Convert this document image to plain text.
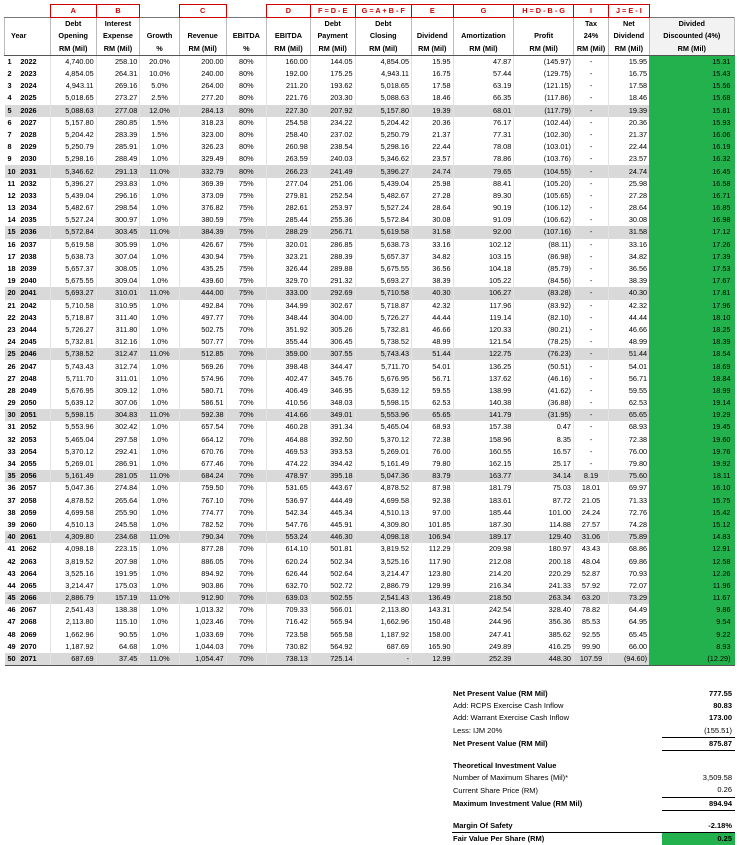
		A	B		C		D	F = D - E	G = A + B - F	E	G	H = D - B - G	I	J = E - I	
Year		Debt	Interest					Debt	Debt				Tax	Net	Divided
		Opening	Expense	Growth	Revenue	EBITDA	EBITDA	Payment	Closing	Dividend	Amortization	Profit	24%	Dividend	Discounted (4%)
		RM (Mil)	RM (Mil)	%	RM (Mil)	%	RM (Mil)	RM (Mil)	RM (Mil)	RM (Mil)	RM (Mil)	RM (Mil)	RM (Mil)	RM (Mil)	RM (Mil)
1	2022	4,740.00	258.10	20.0%	200.00	80%	160.00	144.05	4,854.05	15.95	47.87	(145.97)	-	15.95	15.31
2	2023	4,854.05	264.31	10.0%	240.00	80%	192.00	175.25	4,943.11	16.75	57.44	(129.75)	-	16.75	15.43
3	2024	4,943.11	269.16	5.0%	264.00	80%	211.20	193.62	5,018.65	17.58	63.19	(121.15)	-	17.58	15.56
4	2025	5,018.65	273.27	2.5%	277.20	80%	221.76	203.30	5,088.63	18.46	66.35	(117.86)	-	18.46	15.68
5	2026	5,088.63	277.08	12.0%	284.13	80%	227.30	207.92	5,157.80	19.39	68.01	(117.79)	-	19.39	15.81
6	2027	5,157.80	280.85	1.5%	318.23	80%	254.58	234.22	5,204.42	20.36	76.17	(102.44)	-	20.36	15.93
7	2028	5,204.42	283.39	1.5%	323.00	80%	258.40	237.02	5,250.79	21.37	77.31	(102.30)	-	21.37	16.06
8	2029	5,250.79	285.91	1.0%	326.23	80%	260.98	238.54	5,298.16	22.44	78.08	(103.01)	-	22.44	16.19
9	2030	5,298.16	288.49	1.0%	329.49	80%	263.59	240.03	5,346.62	23.57	78.86	(103.76)	-	23.57	16.32
10	2031	5,346.62	291.13	11.0%	332.79	80%	266.23	241.49	5,396.27	24.74	79.65	(104.55)	-	24.74	16.45
11	2032	5,396.27	293.83	1.0%	369.39	75%	277.04	251.06	5,439.04	25.98	88.41	(105.20)	-	25.98	16.58
12	2033	5,439.04	296.16	1.0%	373.09	75%	279.81	252.54	5,482.67	27.28	89.30	(105.65)	-	27.28	16.71
13	2034	5,482.67	298.54	1.0%	376.82	75%	282.61	253.97	5,527.24	28.64	90.19	(106.12)	-	28.64	16.85
14	2035	5,527.24	300.97	1.0%	380.59	75%	285.44	255.36	5,572.84	30.08	91.09	(106.62)	-	30.08	16.98
15	2036	5,572.84	303.45	11.0%	384.39	75%	288.29	256.71	5,619.58	31.58	92.00	(107.16)	-	31.58	17.12
16	2037	5,619.58	305.99	1.0%	426.67	75%	320.01	286.85	5,638.73	33.16	102.12	(88.11)	-	33.16	17.26
17	2038	5,638.73	307.04	1.0%	430.94	75%	323.21	288.39	5,657.37	34.82	103.15	(86.98)	-	34.82	17.39
18	2039	5,657.37	308.05	1.0%	435.25	75%	326.44	289.88	5,675.55	36.56	104.18	(85.79)	-	36.56	17.53
19	2040	5,675.55	309.04	1.0%	439.60	75%	329.70	291.32	5,693.27	38.39	105.22	(84.56)	-	38.39	17.67
20	2041	5,693.27	310.01	11.0%	444.00	75%	333.00	292.69	5,710.58	40.30	106.27	(83.28)	-	40.30	17.81
21	2042	5,710.58	310.95	1.0%	492.84	70%	344.99	302.67	5,718.87	42.32	117.96	(83.92)	-	42.32	17.96
22	2043	5,718.87	311.40	1.0%	497.77	70%	348.44	304.00	5,726.27	44.44	119.14	(82.10)	-	44.44	18.10
23	2044	5,726.27	311.80	1.0%	502.75	70%	351.92	305.26	5,732.81	46.66	120.33	(80.21)	-	46.66	18.25
24	2045	5,732.81	312.16	1.0%	507.77	70%	355.44	306.45	5,738.52	48.99	121.54	(78.25)	-	48.99	18.39
25	2046	5,738.52	312.47	11.0%	512.85	70%	359.00	307.55	5,743.43	51.44	122.75	(76.23)	-	51.44	18.54
26	2047	5,743.43	312.74	1.0%	569.26	70%	398.48	344.47	5,711.70	54.01	136.25	(50.51)	-	54.01	18.69
27	2048	5,711.70	311.01	1.0%	574.96	70%	402.47	345.76	5,676.95	56.71	137.62	(46.16)	-	56.71	18.84
28	2049	5,676.95	309.12	1.0%	580.71	70%	406.49	346.95	5,639.12	59.55	138.99	(41.62)	-	59.55	18.99
29	2050	5,639.12	307.06	1.0%	586.51	70%	410.56	348.03	5,598.15	62.53	140.38	(36.88)	-	62.53	19.14
30	2051	5,598.15	304.83	11.0%	592.38	70%	414.66	349.01	5,553.96	65.65	141.79	(31.95)	-	65.65	19.29
31	2052	5,553.96	302.42	1.0%	657.54	70%	460.28	391.34	5,465.04	68.93	157.38	0.47	-	68.93	19.45
32	2053	5,465.04	297.58	1.0%	664.12	70%	464.88	392.50	5,370.12	72.38	158.96	8.35	-	72.38	19.60
33	2054	5,370.12	292.41	1.0%	670.76	70%	469.53	393.53	5,269.01	76.00	160.55	16.57	-	76.00	19.76
34	2055	5,269.01	286.91	1.0%	677.46	70%	474.22	394.42	5,161.49	79.80	162.15	25.17	-	79.80	19.92
35	2056	5,161.49	281.05	11.0%	684.24	70%	478.97	395.18	5,047.36	83.79	163.77	34.14	8.19	75.60	18.11
36	2057	5,047.36	274.84	1.0%	759.50	70%	531.65	443.67	4,878.52	87.98	181.79	75.03	18.01	69.97	16.10
37	2058	4,878.52	265.64	1.0%	767.10	70%	536.97	444.49	4,699.58	92.38	183.61	87.72	21.05	71.33	15.75
38	2059	4,699.58	255.90	1.0%	774.77	70%	542.34	445.34	4,510.13	97.00	185.44	101.00	24.24	72.76	15.42
39	2060	4,510.13	245.58	1.0%	782.52	70%	547.76	445.91	4,309.80	101.85	187.30	114.88	27.57	74.28	15.12
40	2061	4,309.80	234.68	11.0%	790.34	70%	553.24	446.30	4,098.18	106.94	189.17	129.40	31.06	75.89	14.83
41	2062	4,098.18	223.15	1.0%	877.28	70%	614.10	501.81	3,819.52	112.29	209.98	180.97	43.43	68.86	12.91
42	2063	3,819.52	207.98	1.0%	886.05	70%	620.24	502.34	3,525.16	117.90	212.08	200.18	48.04	69.86	12.58
43	2064	3,525.16	191.95	1.0%	894.92	70%	626.44	502.64	3,214.47	123.80	214.20	220.29	52.87	70.93	12.26
44	2065	3,214.47	175.03	1.0%	903.86	70%	632.70	502.72	2,886.79	129.99	216.34	241.33	57.92	72.07	11.96
45	2066	2,886.79	157.19	11.0%	912.90	70%	639.03	502.55	2,541.43	136.49	218.50	263.34	63.20	73.29	11.67
46	2067	2,541.43	138.38	1.0%	1,013.32	70%	709.33	566.01	2,113.80	143.31	242.54	328.40	78.82	64.49	9.86
47	2068	2,113.80	115.10	1.0%	1,023.46	70%	716.42	565.94	1,662.96	150.48	244.96	356.36	85.53	64.95	9.54
48	2069	1,662.96	90.55	1.0%	1,033.69	70%	723.58	565.58	1,187.92	158.00	247.41	385.62	92.55	65.45	9.22
49	2070	1,187.92	64.68	1.0%	1,044.03	70%	730.82	564.92	687.69	165.90	249.89	416.25	99.90	66.00	8.93
50	2071	687.69	37.45	11.0%	1,054.47	70%	738.13	725.14	-	12.99	252.39	448.30	107.59	(94.60)	(12.29)
Net Present Value (RM Mil)	777.55
Add: RCPS Exercise Cash Inflow	80.83
Add: Warrant Exercise Cash Inflow	173.00
Less: IJM 20%	(155.51)
Net Present Value (RM Mil)	875.87

Theoretical Investment Value	
Number of Maximum Shares (Mil)*	3,509.58
Current Share Price (RM)	0.26
Maximum Investment Value (RM Mil)	894.94

Margin Of Safety	-2.18%
Fair Value Per Share (RM)	0.25
